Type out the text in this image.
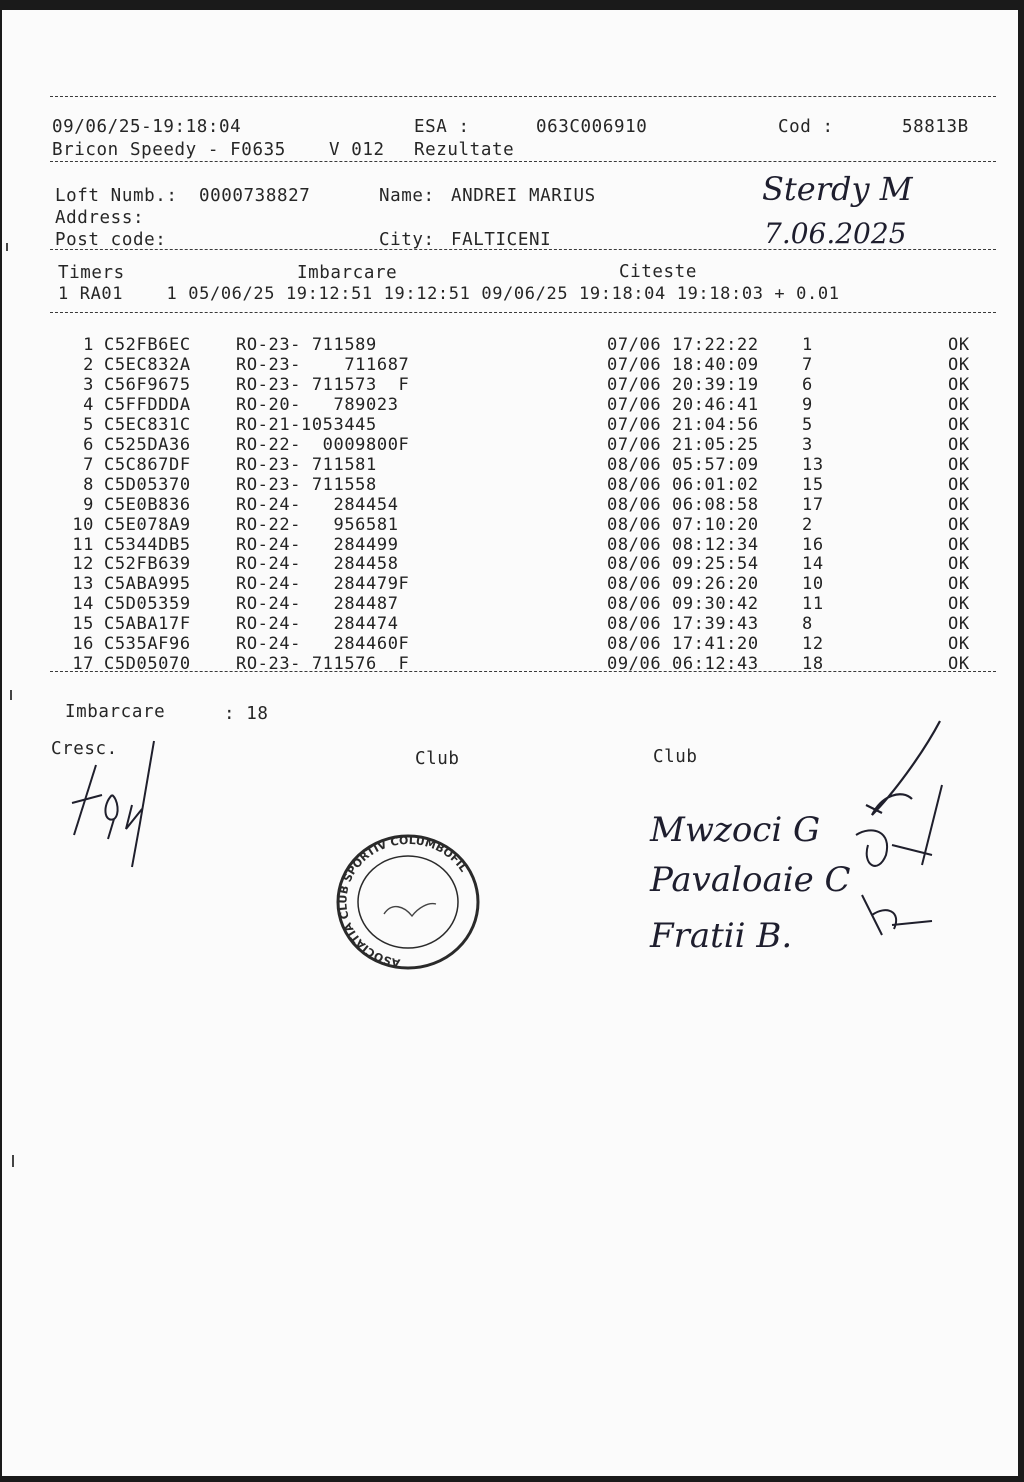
09/06/25-19:18:04	ESA :	063C006910	Cod :	58813B
Bricon Speedy - F0635 V 012 Rezultate
Loft Numb.: 0000738827	Name: ANDREI MARIUS
Address:
Post code:	City: FALTICENI
Sterdy M
7.06.2025
Timers	Imbarcare	Citeste
1 RA01    1 05/06/25 19:12:51 19:12:51 09/06/25 19:18:04 19:18:03 + 0.01
1 C52FB6EC	RO-23- 711589	07/06 17:22:22	1	OK
2 C5EC832A	RO-23-    711687	07/06 18:40:09	7	OK
3 C56F9675	RO-23- 711573  F	07/06 20:39:19	6	OK
4 C5FFDDDA	RO-20-   789023	07/06 20:46:41	9	OK
5 C5EC831C	RO-21-1053445	07/06 21:04:56	5	OK
6 C525DA36	RO-22-  0009800F	07/06 21:05:25	3	OK
7 C5C867DF	RO-23- 711581	08/06 05:57:09	13	OK
8 C5D05370	RO-23- 711558	08/06 06:01:02	15	OK
9 C5E0B836	RO-24-   284454	08/06 06:08:58	17	OK
10 C5E078A9	RO-22-   956581	08/06 07:10:20	2	OK
11 C5344DB5	RO-24-   284499	08/06 08:12:34	16	OK
12 C52FB639	RO-24-   284458	08/06 09:25:54	14	OK
13 C5ABA995	RO-24-   284479F	08/06 09:26:20	10	OK
14 C5D05359	RO-24-   284487	08/06 09:30:42	11	OK
15 C5ABA17F	RO-24-   284474	08/06 17:39:43	8	OK
16 C535AF96	RO-24-   284460F	08/06 17:41:20	12	OK
17 C5D05070	RO-23- 711576  F	09/06 06:12:43	18	OK
Imbarcare	: 18
Cresc.	Club	Club
ASOCIATIA CLUB SPORTIV COLUMBOFIL
Mwzoci G
Pavaloaie C
Fratii B.
